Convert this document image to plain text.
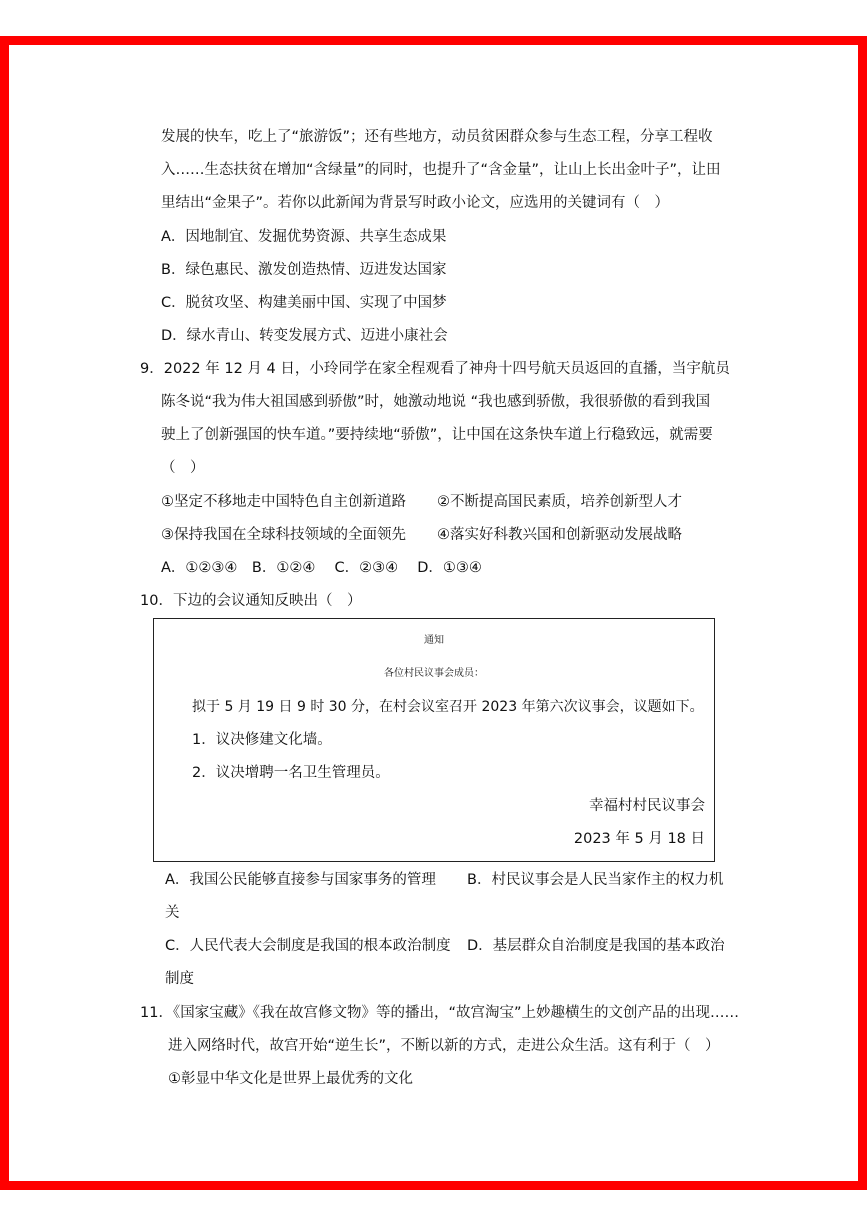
发展的快车，吃上了“旅游饭”；还有些地方，动员贫困群众参与生态工程，分享工程收
入……生态扶贫在增加“含绿量”的同时，也提升了“含金量”，让山上长出金叶子”，让田
里结出“金果子”。若你以此新闻为背景写时政小论文，应选用的关键词有（　）
A．因地制宜、发掘优势资源、共享生态成果
B．绿色惠民、激发创造热情、迈进发达国家
C．脱贫攻坚、构建美丽中国、实现了中国梦
D．绿水青山、转变发展方式、迈进小康社会
9．2022 年 12 月 4 日，小玲同学在家全程观看了神舟十四号航天员返回的直播，当宇航员
陈冬说“我为伟大祖国感到骄傲”时，她激动地说 “我也感到骄傲，我很骄傲的看到我国
驶上了创新强国的快车道。”要持续地“骄傲”，让中国在这条快车道上行稳致远，就需要
（　）
①坚定不移地走中国特色自主创新道路 ②不断提高国民素质，培养创新型人才
③保持我国在全球科技领域的全面领先 ④落实好科教兴国和创新驱动发展战略
A．①②③④　B．①②④　 C．②③④　 D．①③④
10．下边的会议通知反映出（　）
通知
各位村民议事会成员：
拟于 5 月 19 日 9 时 30 分，在村会议室召开 2023 年第六次议事会，议题如下。
1．议决修建文化墙。
2．议决增聘一名卫生管理员。
幸福村村民议事会
2023 年 5 月 18 日
A．我国公民能够直接参与国家事务的管理 B．村民议事会是人民当家作主的权力机
关
C．人民代表大会制度是我国的根本政治制度 D．基层群众自治制度是我国的基本政治
制度
11．《国家宝藏》《我在故宫修文物》等的播出，“故宫淘宝”上妙趣横生的文创产品的出现……
进入网络时代，故宫开始“逆生长”，不断以新的方式，走进公众生活。这有利于（　）
①彰显中华文化是世界上最优秀的文化
